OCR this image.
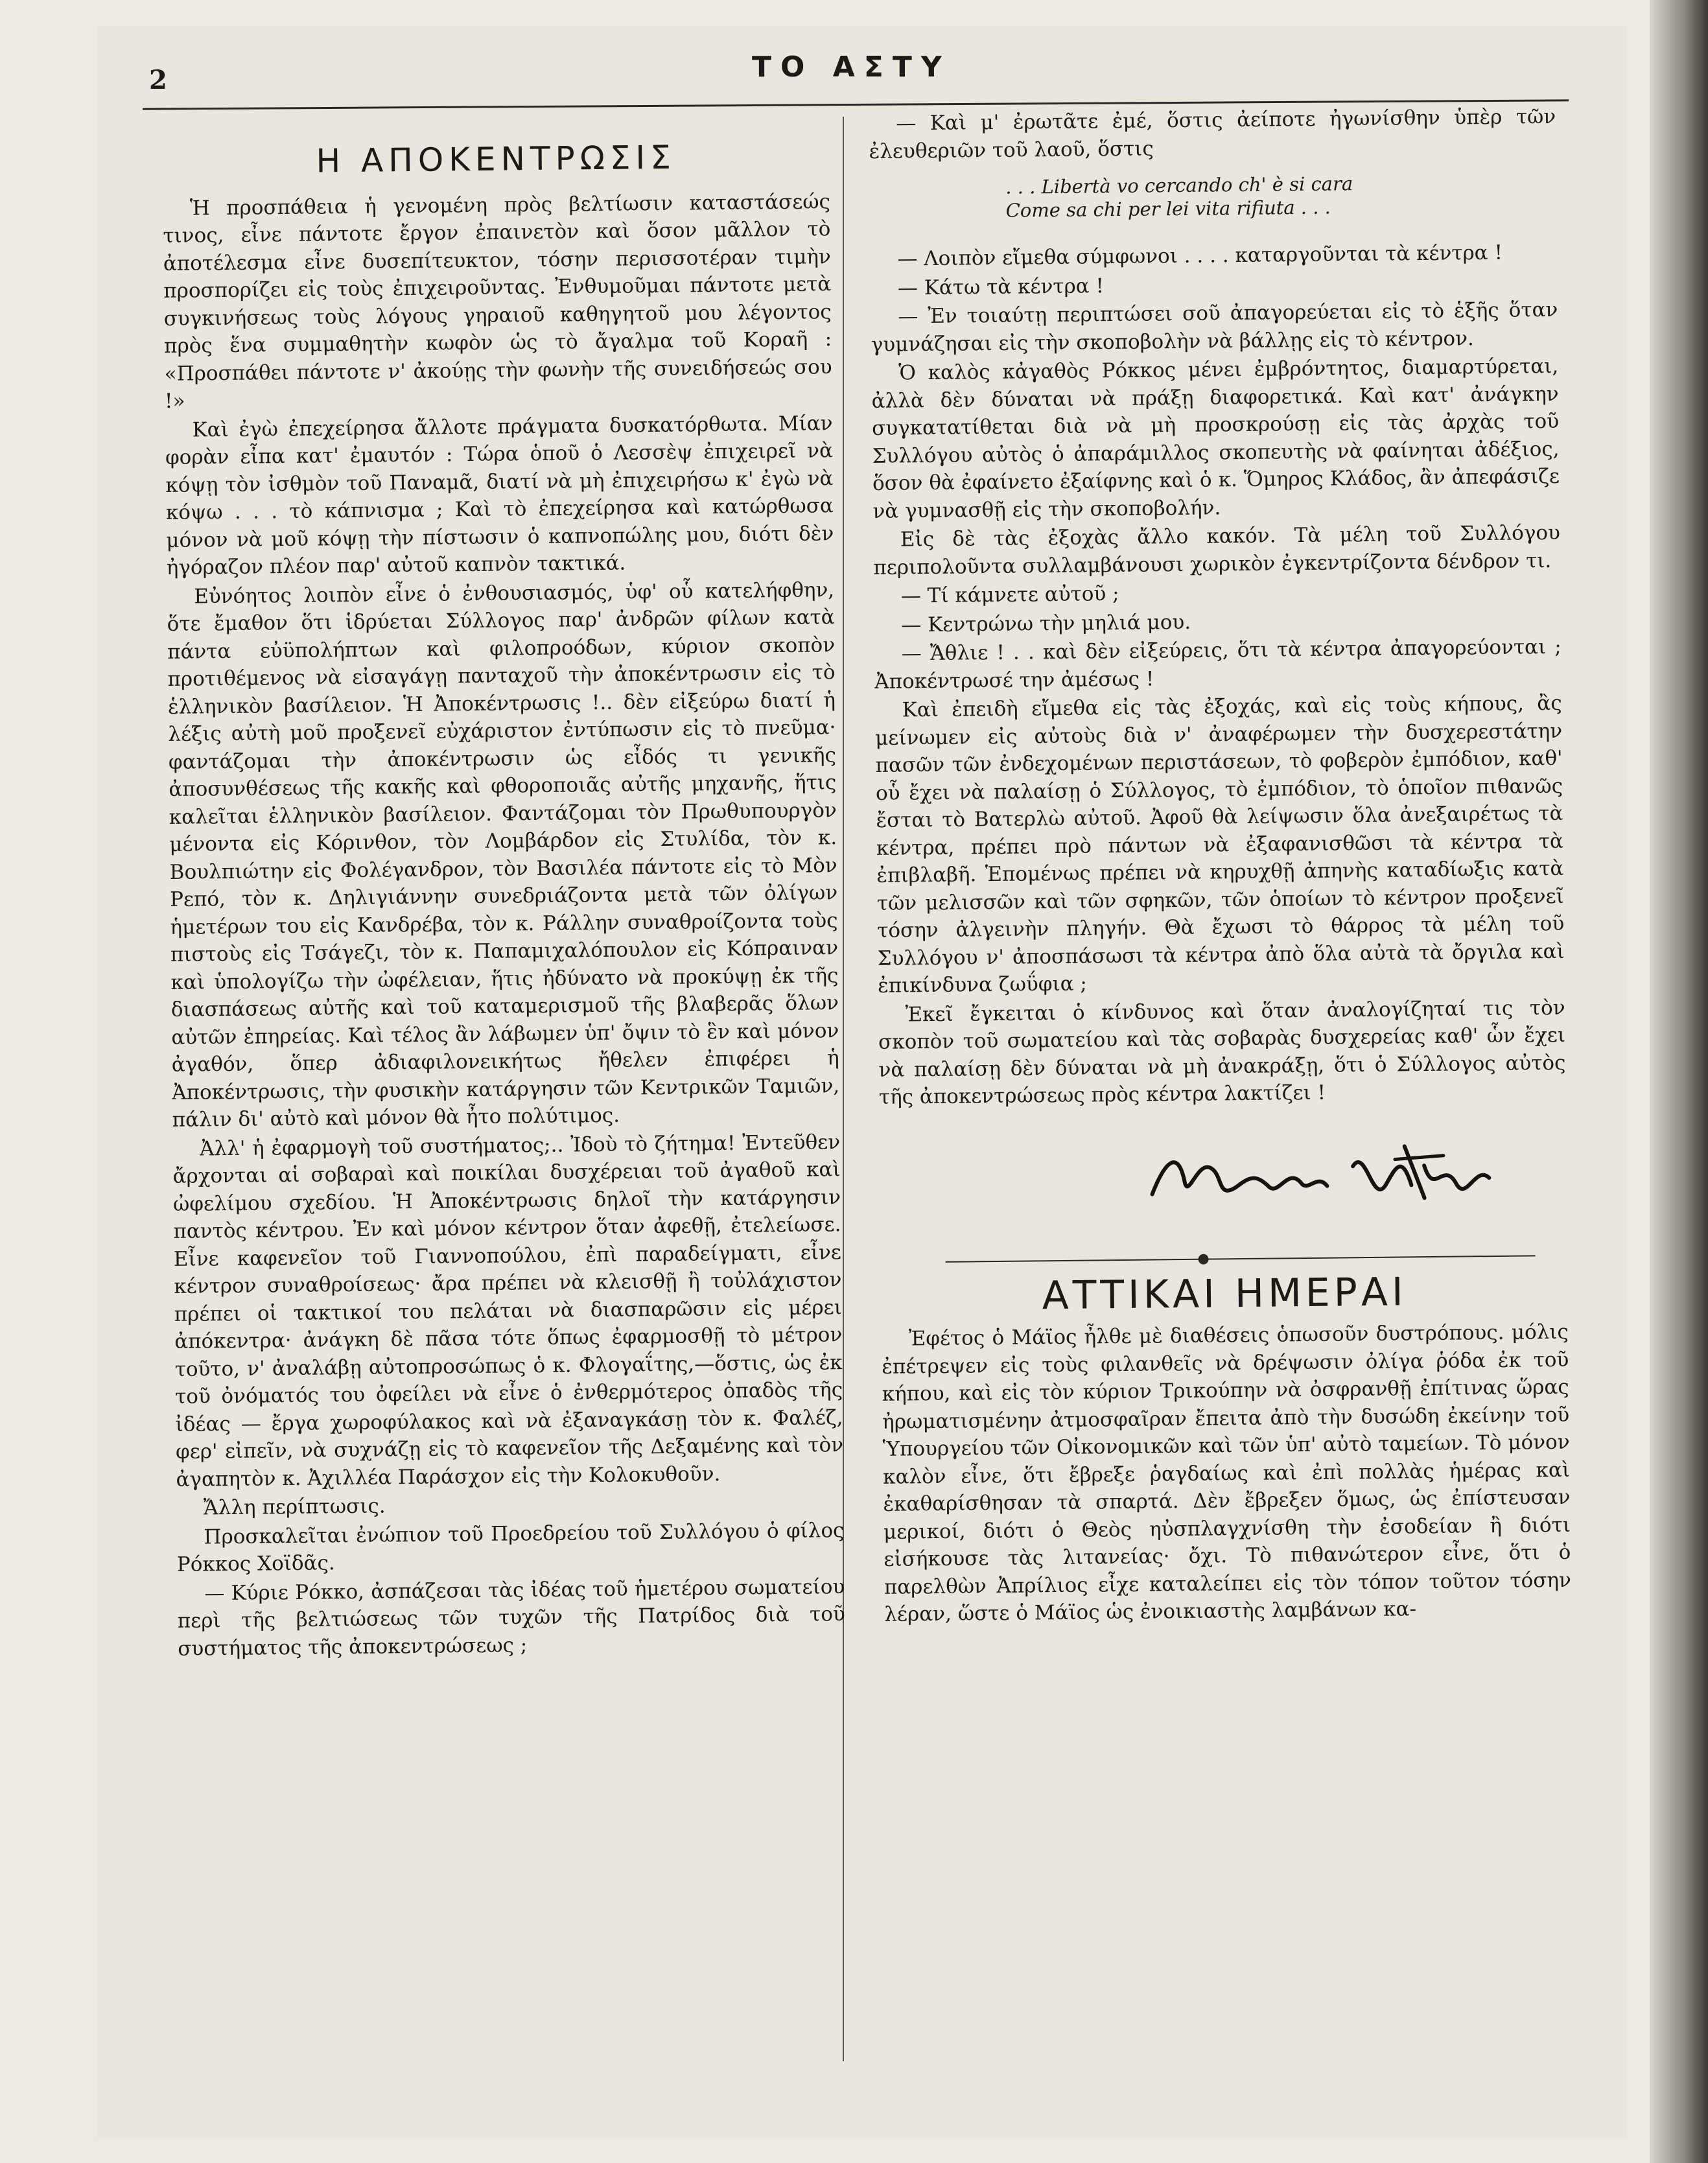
2	ΤΟ ΑΣΤΥ
Η ΑΠΟΚΕΝΤΡΩΣΙΣ

Ἡ προσπάθεια ἡ γενομένη πρὸς βελτίωσιν καταστάσεώς τινος, εἶνε πάντοτε ἔργον ἐπαινετὸν καὶ ὅσον μᾶλλον τὸ ἀποτέλεσμα εἶνε δυσεπίτευκτον, τόσην περισσοτέραν τιμὴν προσπορίζει εἰς τοὺς ἐπιχειροῦντας. Ἐνθυμοῦμαι πάντοτε μετὰ συγκινήσεως τοὺς λόγους γηραιοῦ καθηγητοῦ μου λέγοντος πρὸς ἕνα συμμαθητὴν κωφὸν ὡς τὸ ἄγαλμα τοῦ Κοραῆ : «Προσπάθει πάντοτε ν' ἀκούῃς τὴν φωνὴν τῆς συνειδήσεώς σου !»

Καὶ ἐγὼ ἐπεχείρησα ἄλλοτε πράγματα δυσκατόρθωτα. Μίαν φορὰν εἶπα κατ' ἐμαυτόν : Τώρα ὁποῦ ὁ Λεσσὲψ ἐπιχειρεῖ νὰ κόψῃ τὸν ἰσθμὸν τοῦ Παναμᾶ, διατί νὰ μὴ ἐπιχειρήσω κ' ἐγὼ νὰ κόψω . . . τὸ κάπνισμα ; Καὶ τὸ ἐπεχείρησα καὶ κατώρθωσα μόνον νὰ μοῦ κόψῃ τὴν πίστωσιν ὁ καπνοπώλης μου, διότι δὲν ἠγόραζον πλέον παρ' αὐτοῦ καπνὸν τακτικά.

Εὐνόητος λοιπὸν εἶνε ὁ ἐνθουσιασμός, ὑφ' οὗ κατελήφθην, ὅτε ἔμαθον ὅτι ἱδρύεται Σύλλογος παρ' ἀνδρῶν φίλων κατὰ πάντα εὐϋπολήπτων καὶ φιλοπροόδων, κύριον σκοπὸν προτιθέμενος νὰ εἰσαγάγῃ πανταχοῦ τὴν ἀποκέντρωσιν εἰς τὸ ἑλληνικὸν βασίλειον. Ἡ Ἀποκέντρωσις !.. δὲν εἰξεύρω διατί ἡ λέξις αὐτὴ μοῦ προξενεῖ εὐχάριστον ἐντύπωσιν εἰς τὸ πνεῦμα· φαντάζομαι τὴν ἀποκέντρωσιν ὡς εἶδός τι γενικῆς ἀποσυνθέσεως τῆς κακῆς καὶ φθοροποιᾶς αὐτῆς μηχανῆς, ἥτις καλεῖται ἑλληνικὸν βασίλειον. Φαντάζομαι τὸν Πρωθυπουργὸν μένοντα εἰς Κόρινθον, τὸν Λομβάρδον εἰς Στυλίδα, τὸν κ. Βουλπιώτην εἰς Φολέγανδρον, τὸν Βασιλέα πάντοτε εἰς τὸ Μὸν Ρεπό, τὸν κ. Δηλιγιάννην συνεδριάζοντα μετὰ τῶν ὀλίγων ἡμετέρων του εἰς Κανδρέβα, τὸν κ. Ράλλην συναθροίζοντα τοὺς πιστοὺς εἰς Τσάγεζι, τὸν κ. Παπαμιχαλόπουλον εἰς Κόπραιναν καὶ ὑπολογίζω τὴν ὠφέλειαν, ἥτις ἠδύνατο νὰ προκύψῃ ἐκ τῆς διασπάσεως αὐτῆς καὶ τοῦ καταμερισμοῦ τῆς βλαβερᾶς ὅλων αὐτῶν ἐπηρείας. Καὶ τέλος ἂν λάβωμεν ὑπ' ὄψιν τὸ ἓν καὶ μόνον ἀγαθόν, ὅπερ ἀδιαφιλονεικήτως ἤθελεν ἐπιφέρει ἡ Ἀποκέντρωσις, τὴν φυσικὴν κατάργησιν τῶν Κεντρικῶν Ταμιῶν, πάλιν δι' αὐτὸ καὶ μόνον θὰ ἦτο πολύτιμος.

Ἀλλ' ἡ ἐφαρμογὴ τοῦ συστήματος;.. Ἰδοὺ τὸ ζήτημα! Ἐντεῦθεν ἄρχονται αἱ σοβαραὶ καὶ ποικίλαι δυσχέρειαι τοῦ ἀγαθοῦ καὶ ὠφελίμου σχεδίου. Ἡ Ἀποκέντρωσις δηλοῖ τὴν κατάργησιν παντὸς κέντρου. Ἐν καὶ μόνον κέντρον ὅταν ἀφεθῇ, ἐτελείωσε. Εἶνε καφενεῖον τοῦ Γιαννοπούλου, ἐπὶ παραδείγματι, εἶνε κέντρον συναθροίσεως· ἄρα πρέπει νὰ κλεισθῇ ἢ τοὐλάχιστον πρέπει οἱ τακτικοί του πελάται νὰ διασπαρῶσιν εἰς μέρει ἀπόκεντρα· ἀνάγκη δὲ πᾶσα τότε ὅπως ἐφαρμοσθῇ τὸ μέτρον τοῦτο, ν' ἀναλάβῃ αὐτοπροσώπως ὁ κ. Φλογαΐτης,—ὅστις, ὡς ἐκ τοῦ ὀνόματός του ὀφείλει νὰ εἶνε ὁ ἐνθερμότερος ὀπαδὸς τῆς ἰδέας — ἔργα χωροφύλακος καὶ νὰ ἐξαναγκάσῃ τὸν κ. Φαλέζ, φερ' εἰπεῖν, νὰ συχνάζῃ εἰς τὸ καφενεῖον τῆς Δεξαμένης καὶ τὸν ἀγαπητὸν κ. Ἀχιλλέα Παράσχον εἰς τὴν Κολοκυθοῦν.

Ἄλλη περίπτωσις.

Προσκαλεῖται ἐνώπιον τοῦ Προεδρείου τοῦ Συλλόγου ὁ φίλος Ρόκκος Χοϊδᾶς.

— Κύριε Ρόκκο, ἀσπάζεσαι τὰς ἰδέας τοῦ ἡμετέρου σωματείου περὶ τῆς βελτιώσεως τῶν τυχῶν τῆς Πατρίδος διὰ τοῦ συστήματος τῆς ἀποκεντρώσεως ;

— Καὶ μ' ἐρωτᾶτε ἐμέ, ὅστις ἀείποτε ἠγωνίσθην ὑπὲρ τῶν ἐλευθεριῶν τοῦ λαοῦ, ὅστις

. . . Libertà vo cercando ch' è si cara
Come sa chi per lei vita rifiuta . . .

— Λοιπὸν εἴμεθα σύμφωνοι . . . . καταργοῦνται τὰ κέντρα !

— Κάτω τὰ κέντρα !

— Ἐν τοιαύτῃ περιπτώσει σοῦ ἀπαγορεύεται εἰς τὸ ἑξῆς ὅταν γυμνάζησαι εἰς τὴν σκοποβολὴν νὰ βάλλῃς εἰς τὸ κέντρον.

Ὁ καλὸς κἀγαθὸς Ρόκκος μένει ἐμβρόντητος, διαμαρτύρεται, ἀλλὰ δὲν δύναται νὰ πράξῃ διαφορετικά. Καὶ κατ' ἀνάγκην συγκατατίθεται διὰ νὰ μὴ προσκρούσῃ εἰς τὰς ἀρχὰς τοῦ Συλλόγου αὐτὸς ὁ ἀπαράμιλλος σκοπευτὴς νὰ φαίνηται ἀδέξιος, ὅσον θὰ ἐφαίνετο ἐξαίφνης καὶ ὁ κ. Ὅμηρος Κλάδος, ἂν ἀπεφάσιζε νὰ γυμνασθῇ εἰς τὴν σκοποβολήν.

Εἰς δὲ τὰς ἐξοχὰς ἄλλο κακόν. Τὰ μέλη τοῦ Συλλόγου περιπολοῦντα συλλαμβάνουσι χωρικὸν ἐγκεντρίζοντα δένδρον τι.

— Τί κάμνετε αὐτοῦ ;

— Κεντρώνω τὴν μηλιά μου.

— Ἄθλιε ! . . καὶ δὲν εἰξεύρεις, ὅτι τὰ κέντρα ἀπαγορεύονται ; Ἀποκέντρωσέ την ἀμέσως !

Καὶ ἐπειδὴ εἴμεθα εἰς τὰς ἐξοχάς, καὶ εἰς τοὺς κήπους, ἂς μείνωμεν εἰς αὐτοὺς διὰ ν' ἀναφέρωμεν τὴν δυσχερεστάτην πασῶν τῶν ἐνδεχομένων περιστάσεων, τὸ φοβερὸν ἐμπόδιον, καθ' οὗ ἔχει νὰ παλαίσῃ ὁ Σύλλογος, τὸ ἐμπόδιον, τὸ ὁποῖον πιθανῶς ἔσται τὸ Βατερλὼ αὐτοῦ. Ἀφοῦ θὰ λείψωσιν ὅλα ἀνεξαιρέτως τὰ κέντρα, πρέπει πρὸ πάντων νὰ ἐξαφανισθῶσι τὰ κέντρα τὰ ἐπιβλαβῆ. Ἑπομένως πρέπει νὰ κηρυχθῇ ἀπηνὴς καταδίωξις κατὰ τῶν μελισσῶν καὶ τῶν σφηκῶν, τῶν ὁποίων τὸ κέντρον προξενεῖ τόσην ἀλγεινὴν πληγήν. Θὰ ἔχωσι τὸ θάρρος τὰ μέλη τοῦ Συλλόγου ν' ἀποσπάσωσι τὰ κέντρα ἀπὸ ὅλα αὐτὰ τὰ ὄργιλα καὶ ἐπικίνδυνα ζωΰφια ;

Ἐκεῖ ἔγκειται ὁ κίνδυνος καὶ ὅταν ἀναλογίζηταί τις τὸν σκοπὸν τοῦ σωματείου καὶ τὰς σοβαρὰς δυσχερείας καθ' ὧν ἔχει νὰ παλαίσῃ δὲν δύναται νὰ μὴ ἀνακράξῃ, ὅτι ὁ Σύλλογος αὐτὸς τῆς ἀποκεντρώσεως πρὸς κέντρα λακτίζει !

ΑΤΤΙΚΑΙ ΗΜΕΡΑΙ

Ἐφέτος ὁ Μάϊος ἦλθε μὲ διαθέσεις ὁπωσοῦν δυστρόπους. μόλις ἐπέτρεψεν εἰς τοὺς φιλανθεῖς νὰ δρέψωσιν ὀλίγα ῥόδα ἐκ τοῦ κήπου, καὶ εἰς τὸν κύριον Τρικούπην νὰ ὀσφρανθῇ ἐπίτινας ὥρας ἠρωματισμένην ἀτμοσφαῖραν ἔπειτα ἀπὸ τὴν δυσώδη ἐκείνην τοῦ Ὑπουργείου τῶν Οἰκονομικῶν καὶ τῶν ὑπ' αὐτὸ ταμείων. Τὸ μόνον καλὸν εἶνε, ὅτι ἔβρεξε ῥαγδαίως καὶ ἐπὶ πολλὰς ἡμέρας καὶ ἐκαθαρίσθησαν τὰ σπαρτά. Δὲν ἔβρεξεν ὅμως, ὡς ἐπίστευσαν μερικοί, διότι ὁ Θεὸς ηὐσπλαγχνίσθη τὴν ἐσοδείαν ἢ διότι εἰσήκουσε τὰς λιτανείας· ὄχι. Τὸ πιθανώτερον εἶνε, ὅτι ὁ παρελθὼν Ἀπρίλιος εἶχε καταλείπει εἰς τὸν τόπον τοῦτον τόσην λέραν, ὥστε ὁ Μάϊος ὡς ἐνοικιαστὴς λαμβάνων κα-
